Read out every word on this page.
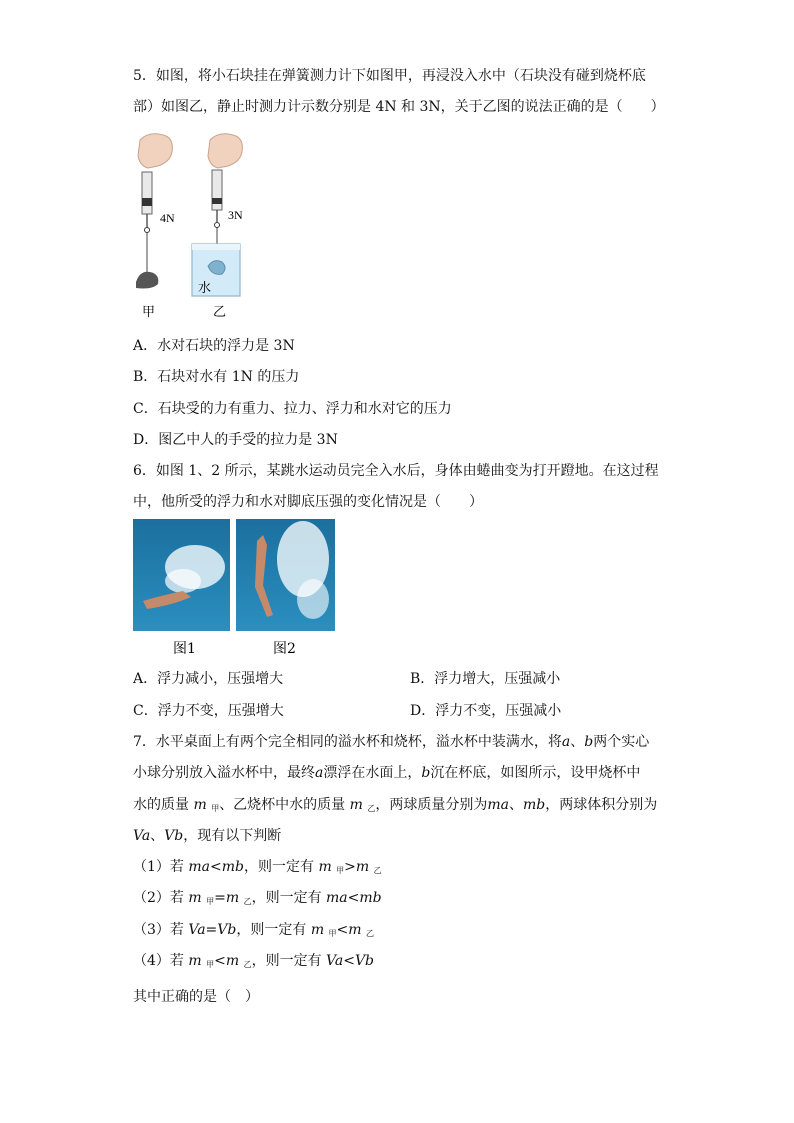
5．如图，将小石块挂在弹簧测力计下如图甲，再浸没入水中（石块没有碰到烧杯底
部）如图乙，静止时测力计示数分别是 4N 和 3N，关于乙图的说法正确的是（　　）
4N
甲
3N
水
乙
A．水对石块的浮力是 3N
B．石块对水有 1N 的压力
C．石块受的力有重力、拉力、浮力和水对它的压力
D．图乙中人的手受的拉力是 3N
6．如图 1、2 所示，某跳水运动员完全入水后，身体由蜷曲变为打开蹬地。在这过程
中，他所受的浮力和水对脚底压强的变化情况是（　　）
图1	图2
A．浮力减小，压强增大	B．浮力增大，压强减小
C．浮力不变，压强增大	D．浮力不变，压强减小
7．水平桌面上有两个完全相同的溢水杯和烧杯，溢水杯中装满水，将a、b两个实心
小球分别放入溢水杯中，最终a漂浮在水面上，b沉在杯底，如图所示，设甲烧杯中
水的质量 m $_甲$、乙烧杯中水的质量 m $_乙$，两球质量分别为ma、mb，两球体积分别为
Va、Vb，现有以下判断
（1）若 ma<mb，则一定有 m $_甲$>m $_乙$
（2）若 m $_甲$=m $_乙$，则一定有 ma<mb
（3）若 Va=Vb，则一定有 m $_甲$<m $_乙$
（4）若 m $_甲$<m $_乙$，则一定有 Va<Vb
其中正确的是（　）
